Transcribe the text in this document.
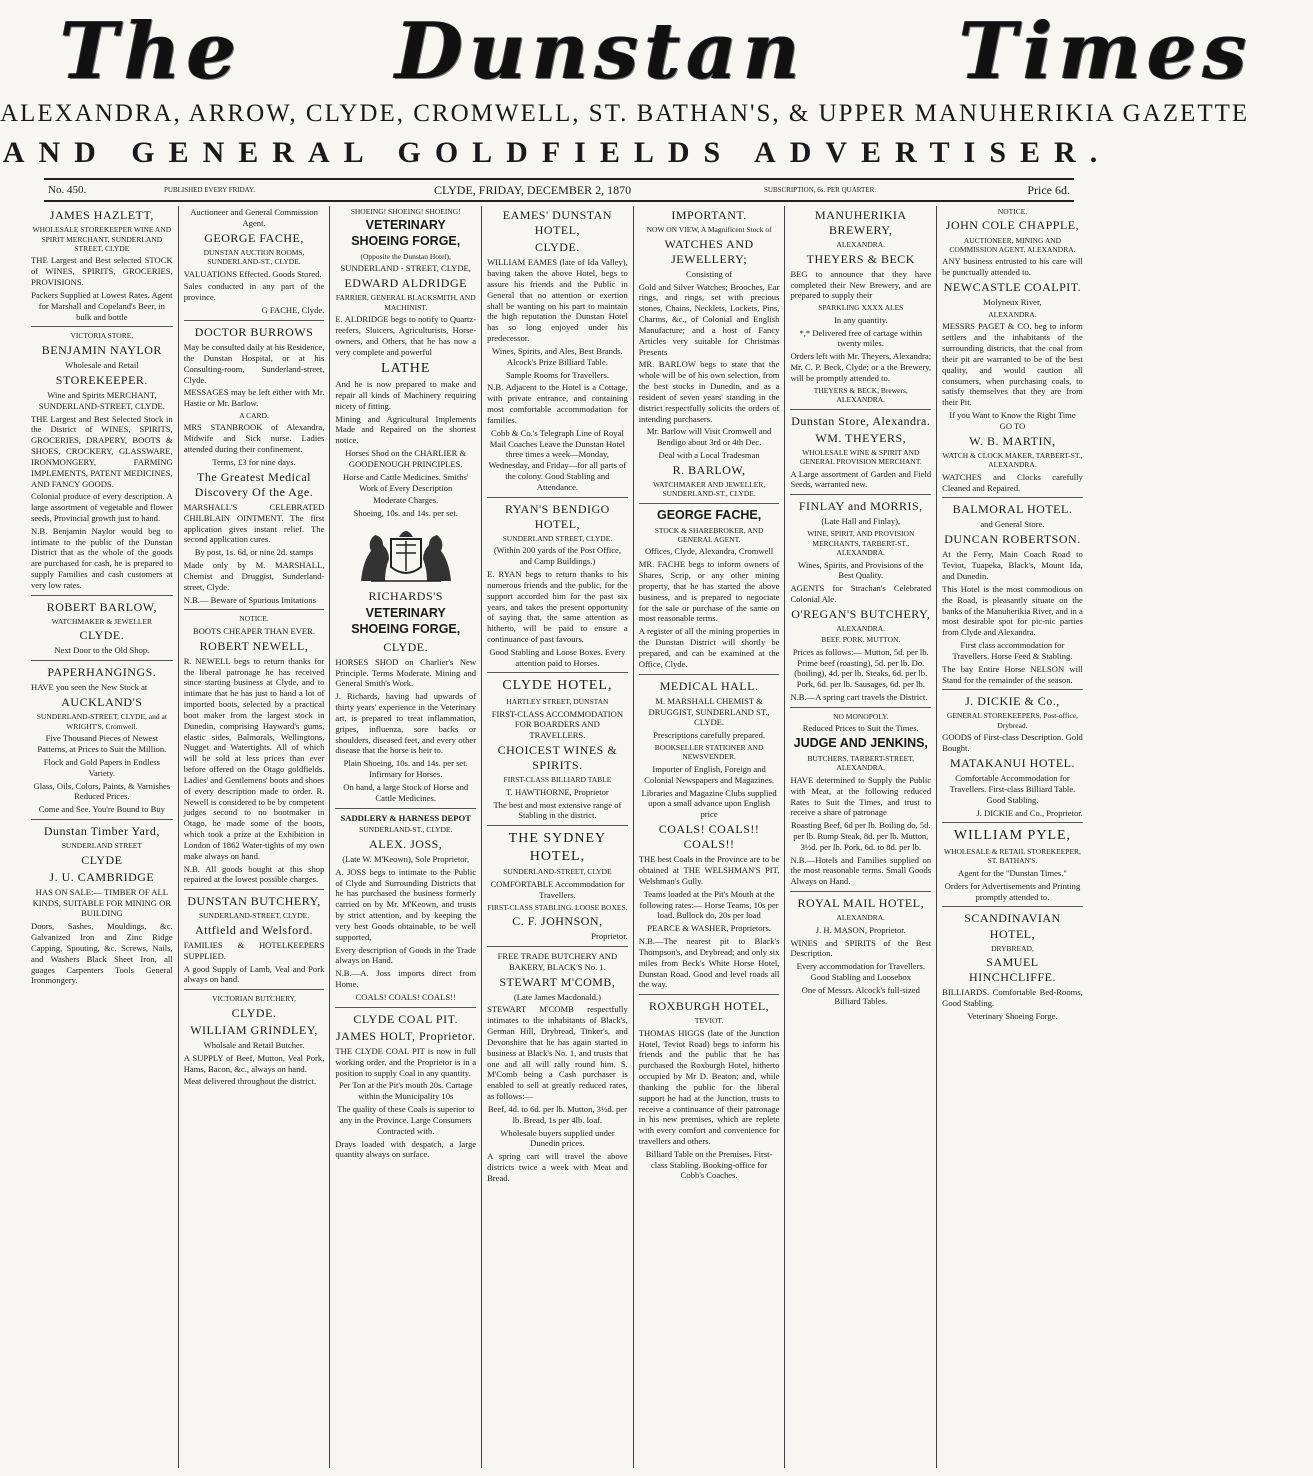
The Dunstan Times
ALEXANDRA, ARROW, CLYDE, CROMWELL, ST. BATHAN'S, & UPPER MANUHERIKIA GAZETTE
AND GENERAL GOLDFIELDS ADVERTISER.
No. 450.	PUBLISHED EVERY FRIDAY.	CLYDE, FRIDAY, DECEMBER 2, 1870	SUBSCRIPTION, 6s. PER QUARTER.	Price 6d.

JAMES HAZLETT,

WHOLESALE STOREKEEPER WINE AND SPIRIT MERCHANT, SUNDERLAND STREET, CLYDE

THE Largest and Best selected STOCK of WINES, SPIRITS, GROCERIES, PROVISIONS.

Packers Supplied at Lowest Rates. Agent for Marshall and Copeland's Beer, in bulk and bottle

VICTORIA STORE,

BENJAMIN NAYLOR

Wholesale and Retail

STOREKEEPER.

Wine and Spirits MERCHANT, SUNDERLAND-STREET, CLYDE.

THE Largest and Best Selected Stock in the District of WINES, SPIRITS, GROCERIES, DRAPERY, BOOTS & SHOES, CROCKERY, GLASSWARE, IRONMONGERY, FARMING IMPLEMENTS, PATENT MEDICINES, AND FANCY GOODS.

Colonial produce of every description. A large assortment of vegetable and flower seeds, Provincial growth just to hand.

N.B. Benjamin Naylor would beg to intimate to the public of the Dunstan District that as the whole of the goods are purchased for cash, he is prepared to supply Families and cash customers at very low rates.

ROBERT BARLOW,

WATCHMAKER & JEWELLER

CLYDE.

Next Door to the Old Shop.

PAPERHANGINGS.

HAVE you seen the New Stock at

AUCKLAND'S

SUNDERLAND-STREET, CLYDE, and at WRIGHT'S, Cromwell.

Five Thousand Pieces of Newest Patterns, at Prices to Suit the Million.

Flock and Gold Papers in Endless Variety.

Glass, Oils, Colors, Paints, & Varnishes Reduced Prices.

Come and See. You're Bound to Buy

Dunstan Timber Yard,

SUNDERLAND STREET

CLYDE

J. U. CAMBRIDGE

HAS ON SALE:— TIMBER OF ALL KINDS, SUITABLE FOR MINING OR BUILDING

Doors, Sashes, Mouldings, &c. Galvanized Iron and Zinc Ridge Capping, Spouting, &c. Screws, Nails, and Washers Black Sheet Iron, all guages Carpenters Tools General Ironmongery.

Auctioneer and General Commission Agent.

GEORGE FACHE,

DUNSTAN AUCTION ROOMS, SUNDERLAND-ST., CLYDE.

VALUATIONS Effected. Goods Stored.

Sales conducted in any part of the province.

G FACHE, Clyde.

DOCTOR BURROWS

May be consulted daily at his Residence, the Dunstan Hospital, or at his Consulting-room, Sunderland-street, Clyde.

MESSAGES may be left either with Mr. Hastie or Mr. Barlow.

A CARD.

MRS STANBROOK of Alexandra, Midwife and Sick nurse. Ladies attended during their confinement.

Terms, £3 for nine days.

The Greatest Medical Discovery Of the Age.

MARSHALL'S CELEBRATED CHILBLAIN OINTMENT. The first application gives instant relief. The second application cures.

By post, 1s. 6d, or nine 2d. stamps

Made only by M. MARSHALL, Chemist and Druggist, Sunderland-street, Clyde.

N.B.— Beware of Spurious Imitations

NOTICE.

BOOTS CHEAPER THAN EVER.

ROBERT NEWELL,

R. NEWELL begs to return thanks for the liberal patronage he has received since starting business at Clyde, and to intimate that he has just to hand a lot of imported boots, selected by a practical boot maker from the largest stock in Dunedin, comprising Hayward's gums, elastic sides, Balmorals, Wellingtons, Nugget and Watertights. All of which will be sold at less prices than ever before offered on the Otago goldfields. Ladies' and Gentlemens' boots and shoes of every description made to order. R. Newell is considered to be by competent judges second to no bootmaker in Otago, he made some of the boots, which took a prize at the Exhibition in London of 1862 Water-tights of my own make always on hand.

N.B. All goods bought at this shop repaired at the lowest possible charges.

DUNSTAN BUTCHERY,

SUNDERLAND-STREET, CLYDE.

Attfield and Welsford.

FAMILIES & HOTELKEEPERS SUPPLIED.

A good Supply of Lamb, Veal and Pork always on hand.

VICTORIAN BUTCHERY,

CLYDE.

WILLIAM GRINDLEY,

Wholsale and Retail Butcher.

A SUPPLY of Beef, Mutton, Veal Pork, Hams, Bacon, &c., always on hand.

Meat delivered throughout the district.

SHOEING! SHOEING! SHOEING!

VETERINARY SHOEING FORGE,

(Opposite the Dunstan Hotel),

SUNDERLAND - STREET, CLYDE,

EDWARD ALDRIDGE

FARRIER, GENERAL BLACKSMITH, AND MACHINIST.

E. ALDRIDGE begs to notify to Quartz-reefers, Sluicers, Agriculturists, Horse-owners, and Others, that he has now a very complete and powerful

LATHE

And he is now prepared to make and repair all kinds of Machinery requiring nicety of fitting.

Mining and Agricultural Implements Made and Repaired on the shortest notice.

Horses Shod on the CHARLIER & GOODENOUGH PRINCIPLES.

Horse and Cattle Medicines. Smiths' Work of Every Description

Moderate Charges.

Shoeing, 10s. and 14s. per set.

RICHARDS'S

VETERINARY SHOEING FORGE,

CLYDE.

HORSES SHOD on Charlier's New Principle. Terms Moderate. Mining and General Smith's Work.

J. Richards, having had upwards of thirty years' experience in the Veterinary art, is prepared to treat inflammation, gripes, influenza, sore backs or shoulders, diseased feet, and every other disease that the horse is heir to.

Plain Shoeing, 10s. and 14s. per set. Infirmary for Horses.

On hand, a large Stock of Horse and Cattle Medicines.

SADDLERY & HARNESS DEPOT

SUNDERLAND-ST., CLYDE.

ALEX. JOSS,

(Late W. M'Keown), Sole Proprietor,

A. JOSS begs to intimate to the Public of Clyde and Surrounding Districts that he has purchased the business formerly carried on by Mr. M'Keown, and trusts by strict attention, and by keeping the very best Goods obtainable, to be well supported,

Every description of Goods in the Trade always on Hand.

N.B.—A. Joss imports direct from Home.

COALS! COALS! COALS!!

CLYDE COAL PIT.

JAMES HOLT, Proprietor.

THE CLYDE COAL PIT is now in full working order, and the Proprietor is in a position to supply Coal in any quantity.

Per Ton at the Pit's mouth 20s. Cartage within the Municipality 10s

The quality of these Coals is superior to any in the Province. Large Consumers Contracted with.

Drays loaded with despatch, a large quantity always on surface.

EAMES' DUNSTAN HOTEL,

CLYDE.

WILLIAM EAMES (late of Ida Valley), having taken the above Hotel, begs to assure his friends and the Public in General that no attention or exertion shall be wanting on his part to maintain the high reputation the Dunstan Hotel has so long enjoyed under his predecessor.

Wines, Spirits, and Ales, Best Brands. Alcock's Prize Billiard Table.

Sample Rooms for Travellers.

N.B. Adjacent to the Hotel is a Cottage, with private entrance, and containing most comfortable accommodation for families.

Cobb & Co.'s Telegraph Line of Royal Mail Coaches Leave the Dunstan Hotel three times a week—Monday, Wednesday, and Friday—for all parts of the colony. Good Stabling and Attendance.

RYAN'S BENDIGO HOTEL,

SUNDERLAND STREET, CLYDE.

(Within 200 yards of the Post Office, and Camp Buildings.)

E. RYAN begs to return thanks to his numerous friends and the public, for the support accorded him for the past six years, and takes the present opportunity of saying that, the same attention as hitherto, will be paid to ensure a continuance of past favours.

Good Stabling and Loose Boxes. Every attention paid to Horses.

CLYDE HOTEL,

HARTLEY STREET, DUNSTAN

FIRST-CLASS ACCOMMODATION FOR BOARDERS AND TRAVELLERS.

CHOICEST WINES & SPIRITS.

FIRST-CLASS BILLIARD TABLE

T. HAWTHORNE, Proprietor

The best and most extensive range of Stabling in the district.

THE SYDNEY HOTEL,

SUNDERLAND-STREET, CLYDE

COMFORTABLE Accommodation for Travellers.

FIRST-CLASS STABLING. LOOSE BOXES.

C. F. JOHNSON,

Proprietor.

FREE TRADE BUTCHERY AND BAKERY, BLACK'S No. 1.

STEWART M'COMB,

(Late James Macdonald.)

STEWART M'COMB respectfully intimates to the inhabitants of Black's, German Hill, Drybread, Tinker's, and Devonshire that he has again started in business at Black's No. 1, and trusts that one and all will rally round him. S. M'Comb being a Cash purchaser is enabled to sell at greatly reduced rates, as follows:—

Beef, 4d. to 6d. per lb. Mutton, 3½d. per lb. Bread, 1s per 4lb. loaf.

Wholesale buyers supplied under Dunedin prices.

A spring cart will travel the above districts twice a week with Meat and Bread.

IMPORTANT.

NOW ON VIEW, A Magnificent Stock of

WATCHES AND JEWELLERY;

Consisting of

Gold and Silver Watches; Brooches, Ear rings, and rings, set with precious stones, Chains, Necklets, Lockets, Pins, Charms, &c., of Colonial and English Manufacture; and a host of Fancy Articles very suitable for Christmas Presents

MR. BARLOW begs to state that the whole will be of his own selection, from the best stocks in Dunedin, and as a resident of seven years' standing in the district respectfully solicits the orders of intending purchasers.

Mr. Barlow will Visit Cromwell and Bendigo about 3rd or 4th Dec.

Deal with a Local Tradesman

R. BARLOW,

WATCHMAKER AND JEWELLER, SUNDERLAND-ST., CLYDE.

GEORGE FACHE,

STOCK & SHAREBROKER, AND GENERAL AGENT.

Offices, Clyde, Alexandra, Cromwell

MR. FACHE begs to inform owners of Shares, Scrip, or any other mining property, that he has started the above business, and is prepared to negociate for the sale or purchase of the same on most reasonable terms.

A register of all the mining properties in the Dunstan District will shortly be prepared, and can be examined at the Office, Clyde.

MEDICAL HALL.

M. MARSHALL CHEMIST & DRUGGIST, SUNDERLAND ST., CLYDE.

Prescriptions carefully prepared.

BOOKSELLER STATIONER AND NEWSVENDER.

Importer of English, Foreign and Colonial Newspapers and Magazines.

Libraries and Magazine Clubs supplied upon a small advance upon English price

COALS! COALS!! COALS!!

THE best Coals in the Province are to be obtained at THE WELSHMAN'S PIT, Welshman's Gully.

Teams loaded at the Pit's Mouth at the following rates:— Horse Teams, 10s per load. Bullock do, 20s per load

PEARCE & WASHER, Proprietors.

N.B.—The nearest pit to Black's Thompson's, and Drybread; and only six miles from Beck's White Horse Hotel, Dunstan Road. Good and level roads all the way.

ROXBURGH HOTEL,

TEVIOT.

THOMAS HIGGS (late of the Junction Hotel, Teviot Road) begs to inform his friends and the public that he has purchased the Roxburgh Hotel, hitherto occupied by Mr D. Beaton; and, while thanking the public for the liberal support he had at the Junction, trusts to receive a continuance of their patronage in his new premises, which are replete with every comfort and convenience for travellers and others.

Billiard Table on the Premises. First-class Stabling. Booking-office for Cobb's Coaches.

MANUHERIKIA BREWERY,

ALEXANDRA.

THEYERS & BECK

BEG to announce that they have completed their New Brewery, and are prepared to supply their

SPARKLING XXXX ALES

In any quantity.

*,* Delivered free of cartage within twenty miles.

Orders left with Mr. Theyers, Alexandra; Mr. C. P. Beck, Clyde; or a the Brewery, will be promptly attended to.

THEYERS & BECK, Brewers, ALEXANDRA.

Dunstan Store, Alexandra.

WM. THEYERS,

WHOLESALE WINE & SPIRIT AND GENERAL PROVISION MERCHANT.

A Large assortment of Garden and Field Seeds, warranted new.

FINLAY and MORRIS,

(Late Hall and Finlay),

WINE, SPIRIT, AND PROVISION MERCHANTS, TARBERT-ST., ALEXANDRA.

Wines, Spirits, and Provisions of the Best Quality.

AGENTS for Strachan's Celebrated Colonial Ale.

O'REGAN'S BUTCHERY,

ALEXANDRA.

BEEF. PORK. MUTTON.

Prices as follows:— Mutton, 5d. per lb. Prime beef (roasting), 5d. per lb. Do. (boiling), 4d. per lb. Steaks, 6d. per lb. Pork, 6d. per lb. Sausages, 6d. per lb.

N.B.—A spring cart travels the District.

NO MONOPOLY.

Reduced Prices to Suit the Times.

JUDGE AND JENKINS,

BUTCHERS, TARBERT-STREET, ALEXANDRA,

HAVE determined to Supply the Public with Meat, at the following reduced Rates to Suit the Times, and trust to receive a share of patronage

Roasting Beef, 6d per lb. Boiling do, 5d. per lb. Rump Steak, 8d. per lb. Mutton, 3½d. per lb. Pork, 6d. to 8d. per lb.

N.B.—Hotels and Families supplied on the most reasonable terms. Small Goods Always on Hand.

ROYAL MAIL HOTEL,

ALEXANDRA.

J. H. MASON, Proprietor.

WINES and SPIRITS of the Best Description.

Every accommodation for Travellers. Good Stabling and Loosebox

One of Messrs. Alcock's full-sized Billiard Tables.

NOTICE.

JOHN COLE CHAPPLE,

AUCTIONEER, MINING AND COMMISSION AGENT, ALEXANDRA.

ANY business entrusted to his care will be punctually attended to.

NEWCASTLE COALPIT.

Molyneux River,

ALEXANDRA.

MESSRS PAGET & CO. beg to inform settlers and the inhabitants of the surrounding districts, that the coal from their pit are warranted to be of the best quality, and would caution all consumers, when purchasing coals, to satisfy themselves that they are from their Pit.

If you Want to Know the Right Time GO TO

W. B. MARTIN,

WATCH & CLOCK MAKER, TARBERT-ST., ALEXANDRA.

WATCHES and Clocks carefully Cleaned and Repaired.

BALMORAL HOTEL.

and General Store.

DUNCAN ROBERTSON.

At the Ferry, Main Coach Road to Teviot, Tuapeka, Black's, Mount Ida, and Dunedin.

This Hotel is the most commodious on the Road, is pleasantly situate on the banks of the Manuherikia River, and in a most desirable spot for pic-nic parties from Clyde and Alexandra.

First class accommodation for Travellers. Horse Feed & Stabling.

The bay Entire Horse NELSON will Stand for the remainder of the season.

J. DICKIE & Co.,

GENERAL STOREKEEPERS, Post-office, Drybread.

GOODS of First-class Description. Gold Bought.

MATAKANUI HOTEL.

Comfortable Accommodation for Travellers. First-class Billiard Table. Good Stabling.

J. DICKIE and Co., Proprietor.

WILLIAM PYLE,

WHOLESALE & RETAIL STOREKEEPER, ST. BATHAN'S.

Agent for the "Dunstan Times."

Orders for Advertisements and Printing promptly attended to.

SCANDINAVIAN HOTEL,

DRYBREAD,

SAMUEL HINCHCLIFFE.

BILLIARDS. Comfortable Bed-Rooms, Good Stabling.

Veterinary Shoeing Forge.
